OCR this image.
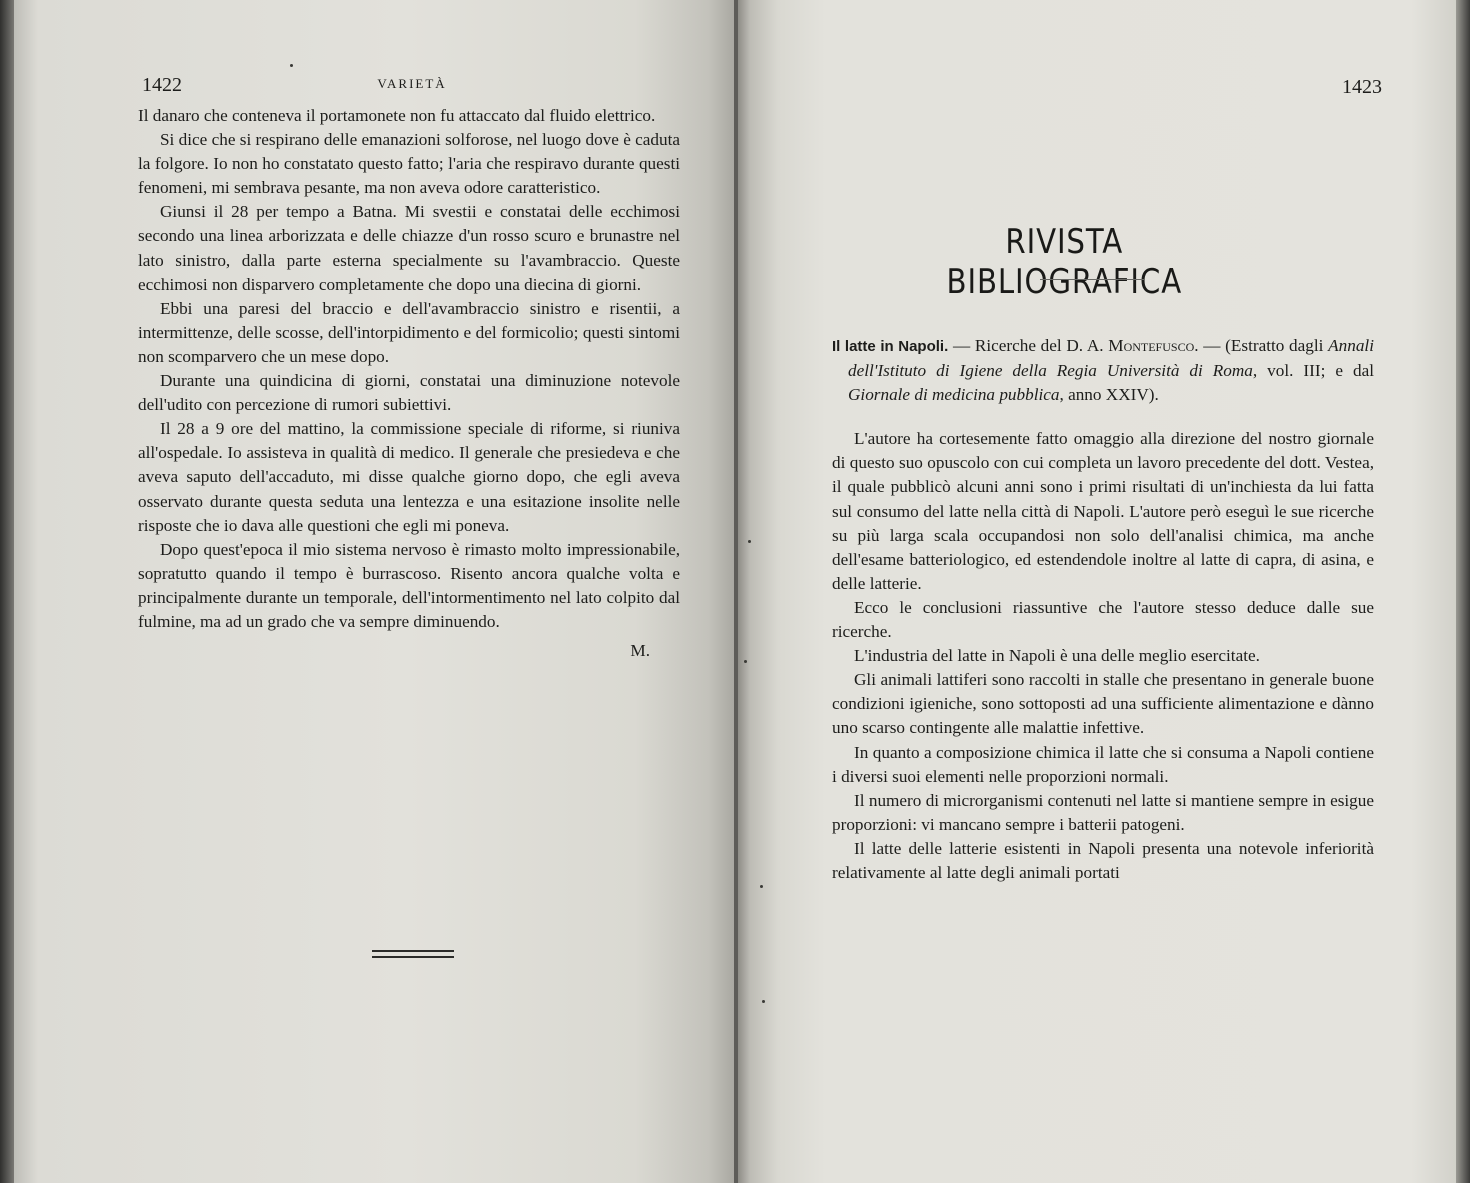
1422	VARIETÀ

Il danaro che conteneva il portamonete non fu attaccato dal fluido elettrico.

Si dice che si respirano delle emanazioni solforose, nel luogo dove è caduta la folgore. Io non ho constatato questo fatto; l'aria che respiravo durante questi fenomeni, mi sembrava pesante, ma non aveva odore caratteristico.

Giunsi il 28 per tempo a Batna. Mi svestii e constatai delle ecchimosi secondo una linea arborizzata e delle chiazze d'un rosso scuro e brunastre nel lato sinistro, dalla parte esterna specialmente su l'avambraccio. Queste ecchimosi non disparvero completamente che dopo una diecina di giorni.

Ebbi una paresi del braccio e dell'avambraccio sinistro e risentii, a intermittenze, delle scosse, dell'intorpidimento e del formicolio; questi sintomi non scomparvero che un mese dopo.

Durante una quindicina di giorni, constatai una diminuzione notevole dell'udito con percezione di rumori subiettivi.

Il 28 a 9 ore del mattino, la commissione speciale di riforme, si riuniva all'ospedale. Io assisteva in qualità di medico. Il generale che presiedeva e che aveva saputo dell'accaduto, mi disse qualche giorno dopo, che egli aveva osservato durante questa seduta una lentezza e una esitazione insolite nelle risposte che io dava alle questioni che egli mi poneva.

Dopo quest'epoca il mio sistema nervoso è rimasto molto impressionabile, sopratutto quando il tempo è burrascoso. Risento ancora qualche volta e principalmente durante un temporale, dell'intormentimento nel lato colpito dal fulmine, ma ad un grado che va sempre diminuendo.

M.

1423
RIVISTA BIBLIOGRAFICA

Il latte in Napoli. — Ricerche del D. A. Montefusco. — (Estratto dagli Annali dell'Istituto di Igiene della Regia Università di Roma, vol. III; e dal Giornale di medicina pubblica, anno XXIV).

L'autore ha cortesemente fatto omaggio alla direzione del nostro giornale di questo suo opuscolo con cui completa un lavoro precedente del dott. Vestea, il quale pubblicò alcuni anni sono i primi risultati di un'inchiesta da lui fatta sul consumo del latte nella città di Napoli. L'autore però eseguì le sue ricerche su più larga scala occupandosi non solo dell'analisi chimica, ma anche dell'esame batteriologico, ed estendendole inoltre al latte di capra, di asina, e delle latterie.

Ecco le conclusioni riassuntive che l'autore stesso deduce dalle sue ricerche.

L'industria del latte in Napoli è una delle meglio esercitate.

Gli animali lattiferi sono raccolti in stalle che presentano in generale buone condizioni igieniche, sono sottoposti ad una sufficiente alimentazione e dànno uno scarso contingente alle malattie infettive.

In quanto a composizione chimica il latte che si consuma a Napoli contiene i diversi suoi elementi nelle proporzioni normali.

Il numero di microrganismi contenuti nel latte si mantiene sempre in esigue proporzioni: vi mancano sempre i batterii patogeni.

Il latte delle latterie esistenti in Napoli presenta una notevole inferiorità relativamente al latte degli animali portati
